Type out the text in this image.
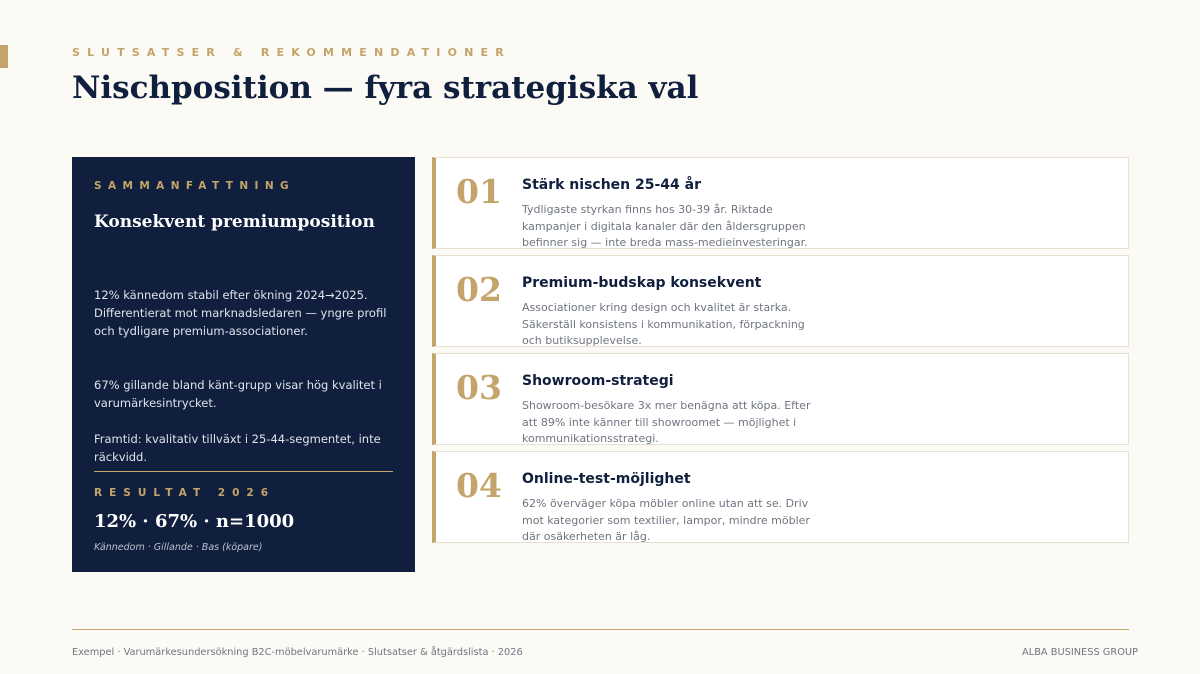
SLUTSATSER & REKOMMENDATIONER
Nischposition — fyra strategiska val
SAMMANFATTNING
Konsekvent premiumposition

12% kännedom stabil efter ökning 2024→2025. Differentierat mot marknadsledaren — yngre profil och tydligare premium-associationer.

67% gillande bland känt-grupp visar hög kvalitet i varumärkesintrycket.

Framtid: kvalitativ tillväxt i 25-44-segmentet, inte räckvidd.

RESULTAT 2026
12% · 67% · n=1000
Kännedom · Gillande · Bas (köpare)
01 Stärk nischen 25-44 år
Tydligaste styrkan finns hos 30-39 år. Riktade kampanjer i digitala kanaler där den åldersgruppen befinner sig — inte breda mass-medieinvesteringar.
02 Premium-budskap konsekvent
Associationer kring design och kvalitet är starka. Säkerställ konsistens i kommunikation, förpackning och butiksupplevelse.
03 Showroom-strategi
Showroom-besökare 3x mer benägna att köpa. Efter att 89% inte känner till showroomet — möjlighet i kommunikationsstrategi.
04 Online-test-möjlighet
62% överväger köpa möbler online utan att se. Driv mot kategorier som textilier, lampor, mindre möbler där osäkerheten är låg.
Exempel · Varumärkesundersökning B2C-möbelvarumärke · Slutsatser & åtgärdslista · 2026	ALBA BUSINESS GROUP
